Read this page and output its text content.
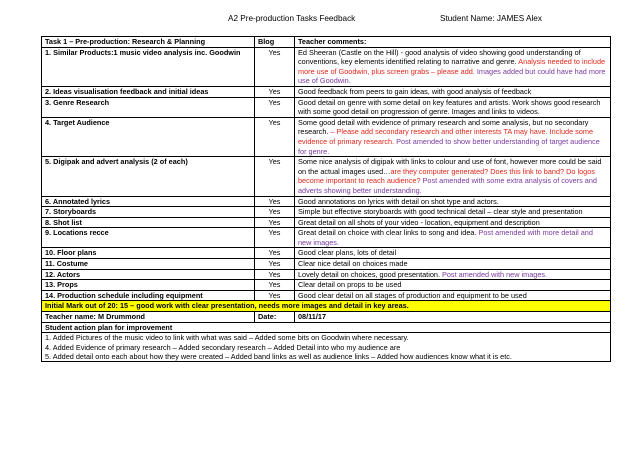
A2 Pre-production Tasks Feedback	Student Name: JAMES Alex
Task 1 – Pre-production: Research & Planning	Blog	Teacher comments:
1. Similar Products:1 music video analysis inc. Goodwin	Yes	Ed Sheeran (Castle on the Hill) - good analysis of video showing good understanding of conventions, key elements identified relating to narrative and genre. Analysis needed to include more use of Goodwin, plus screen grabs – please add. Images added but could have had more use of Goodwin.
2. Ideas visualisation feedback and initial ideas	Yes	Good feedback from peers to gain ideas, with good analysis of feedback
3. Genre Research	Yes	Good detail on genre with some detail on key features and artists. Work shows good research with some good detail on progression of genre. Images and links to videos.
4. Target Audience	Yes	Some good detail with evidence of primary research and some analysis, but no secondary research. – Please add secondary research and other interests TA may have. Include some evidence of primary research. Post amended to show better understanding of target audience for genre.
5. Digipak and advert analysis (2 of each)	Yes	Some nice analysis of digipak with links to colour and use of font, however more could be said on the actual images used…are they computer generated? Does this link to band? Do logos become important to reach audience? Post amended with some extra analysis of covers and adverts showing better understanding.
6. Annotated lyrics	Yes	Good annotations on lyrics with detail on shot type and actors.
7. Storyboards	Yes	Simple but effective storyboards with good technical detail – clear style and presentation
8. Shot list	Yes	Great detail on all shots of your video - location, equipment and description
9. Locations recce	Yes	Great detail on choice with clear links to song and idea. Post amended with more detail and new images.
10. Floor plans	Yes	Good clear plans, lots of detail
11. Costume	Yes	Clear nice detail on choices made
12. Actors	Yes	Lovely detail on choices, good presentation. Post amended with new images.
13. Props	Yes	Clear detail on props to be used
14. Production schedule including equipment	Yes	Good clear detail on all stages of production and equipment to be used
Initial Mark out of 20: 15 – good work with clear presentation, needs more images and detail in key areas.		
Teacher name: M Drummond	Date:	08/11/17
Student action plan for improvement		

1. Added Pictures of the music video to link with what was said – Added some bits on Goodwin where necessary.
4. Added Evidence of primary research – Added secondary research – Added Detail into who my audience are
5. Added detail onto each about how they were created – Added band links as well as audience links – Added how audiences know what it is etc.		
